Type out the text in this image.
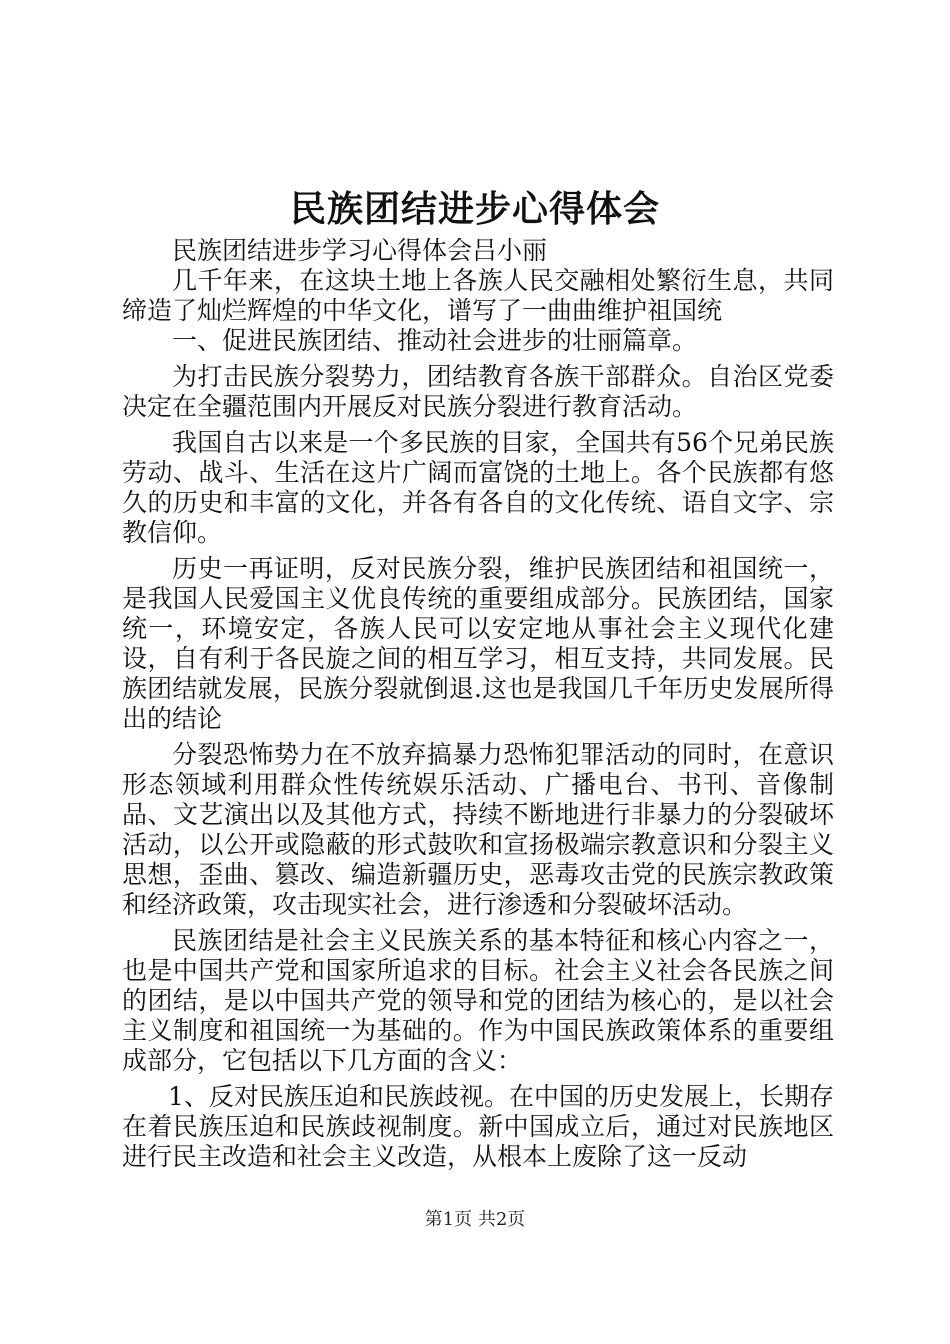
民族团结进步心得体会

民族团结进步学习心得体会吕小丽

几千年来，在这块土地上各族人民交融相处繁衍生息，共同缔造了灿烂辉煌的中华文化，谱写了一曲曲维护祖国统

一、促进民族团结、推动社会进步的壮丽篇章。

为打击民族分裂势力，团结教育各族干部群众。自治区党委决定在全疆范围内开展反对民族分裂进行教育活动。

我国自古以来是一个多民族的目家，全国共有56个兄弟民族劳动、战斗、生活在这片广阔而富饶的土地上。各个民族都有悠久的历史和丰富的文化，并各有各自的文化传统、语自文字、宗教信仰。

历史一再证明，反对民族分裂，维护民族团结和祖国统一，是我国人民爱国主义优良传统的重要组成部分。民族团结，国家统一，环境安定，各族人民可以安定地从事社会主义现代化建设，自有利于各民旋之间的相互学习，相互支持，共同发展。民族团结就发展，民族分裂就倒退.这也是我国几千年历史发展所得出的结论

分裂恐怖势力在不放弃搞暴力恐怖犯罪活动的同时，在意识形态领域利用群众性传统娱乐活动、广播电台、书刊、音像制品、文艺演出以及其他方式，持续不断地进行非暴力的分裂破坏活动，以公开或隐蔽的形式鼓吹和宣扬极端宗教意识和分裂主义思想，歪曲、篡改、编造新疆历史，恶毒攻击党的民族宗教政策和经济政策，攻击现实社会，进行渗透和分裂破坏活动。

民族团结是社会主义民族关系的基本特征和核心内容之一，也是中国共产党和国家所追求的目标。社会主义社会各民族之间的团结，是以中国共产党的领导和党的团结为核心的，是以社会主义制度和祖国统一为基础的。作为中国民族政策体系的重要组成部分，它包括以下几方面的含义：

1、反对民族压迫和民族歧视。在中国的历史发展上，长期存在着民族压迫和民族歧视制度。新中国成立后，通过对民族地区进行民主改造和社会主义改造，从根本上废除了这一反动

第1页 共2页
